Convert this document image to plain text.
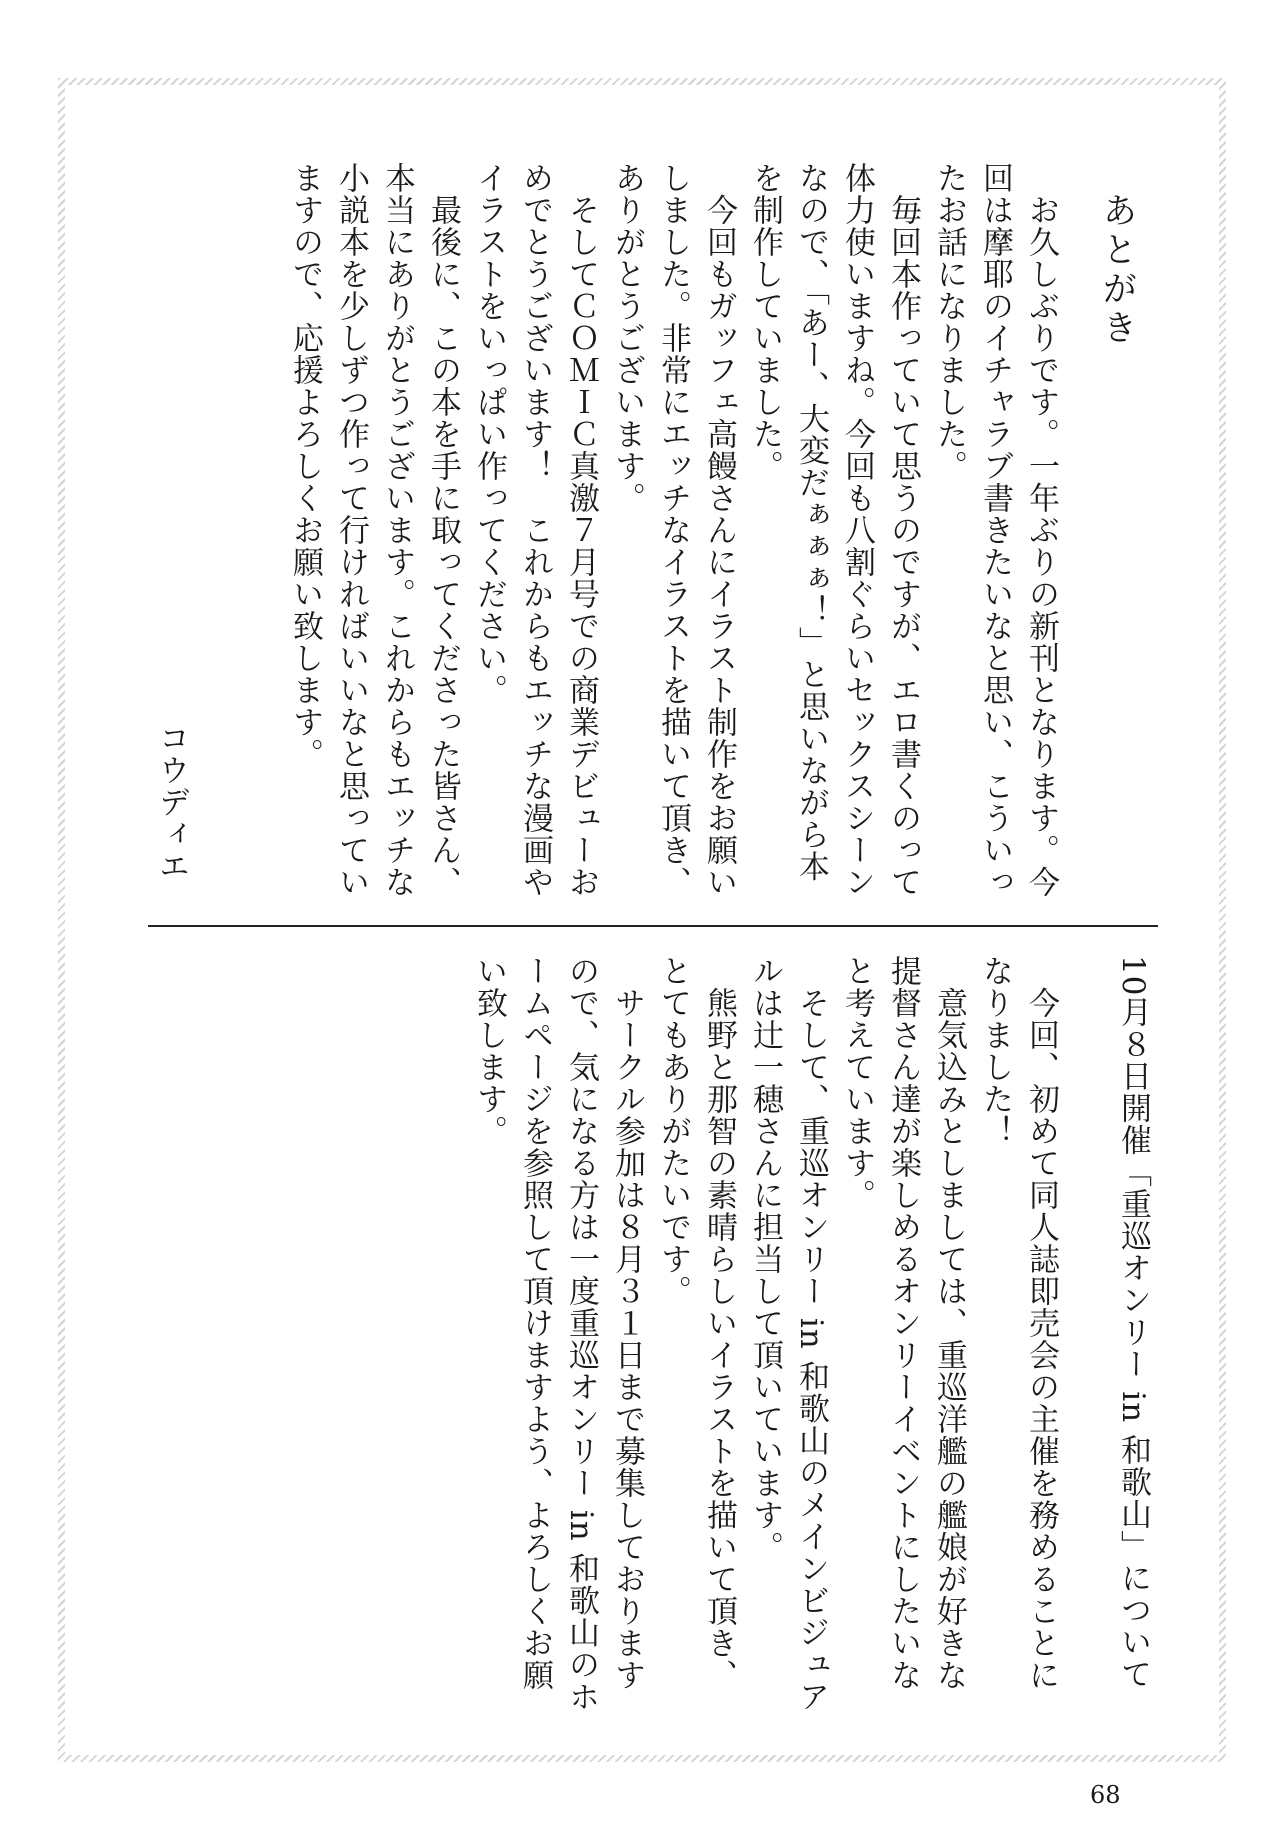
あとがき
　お久しぶりです。一年ぶりの新刊となります。今
回は摩耶のイチャラブ書きたいなと思い、こういっ
たお話になりました。
　毎回本作っていて思うのですが、エロ書くのって
体力使いますね。今回も八割ぐらいセックスシーン
なので、「あー、大変だぁぁぁ！」と思いながら本
を制作していました。
　今回もガッフェ高饅さんにイラスト制作をお願い
しました。非常にエッチなイラストを描いて頂き、
ありがとうございます。
　そしてＣＯＭＩＣ真激７月号での商業デビューお
めでとうございます！　これからもエッチな漫画や
イラストをいっぱい作ってください。
　最後に、この本を手に取ってくださった皆さん、
本当にありがとうございます。これからもエッチな
小説本を少しずつ作って行ければいいなと思ってい
ますので、応援よろしくお願い致します。
コウディエ
10月８日開催「重巡オンリー in 和歌山」について
　今回、初めて同人誌即売会の主催を務めることに
なりました！
　意気込みとしましては、重巡洋艦の艦娘が好きな
提督さん達が楽しめるオンリーイベントにしたいな
と考えています。
　そして、重巡オンリー in 和歌山のメインビジュア
ルは辻一穂さんに担当して頂いています。
　熊野と那智の素晴らしいイラストを描いて頂き、
とてもありがたいです。
　サークル参加は８月３１日まで募集しております
ので、気になる方は一度重巡オンリー in 和歌山のホ
ームページを参照して頂けますよう、よろしくお願
い致します。
68
